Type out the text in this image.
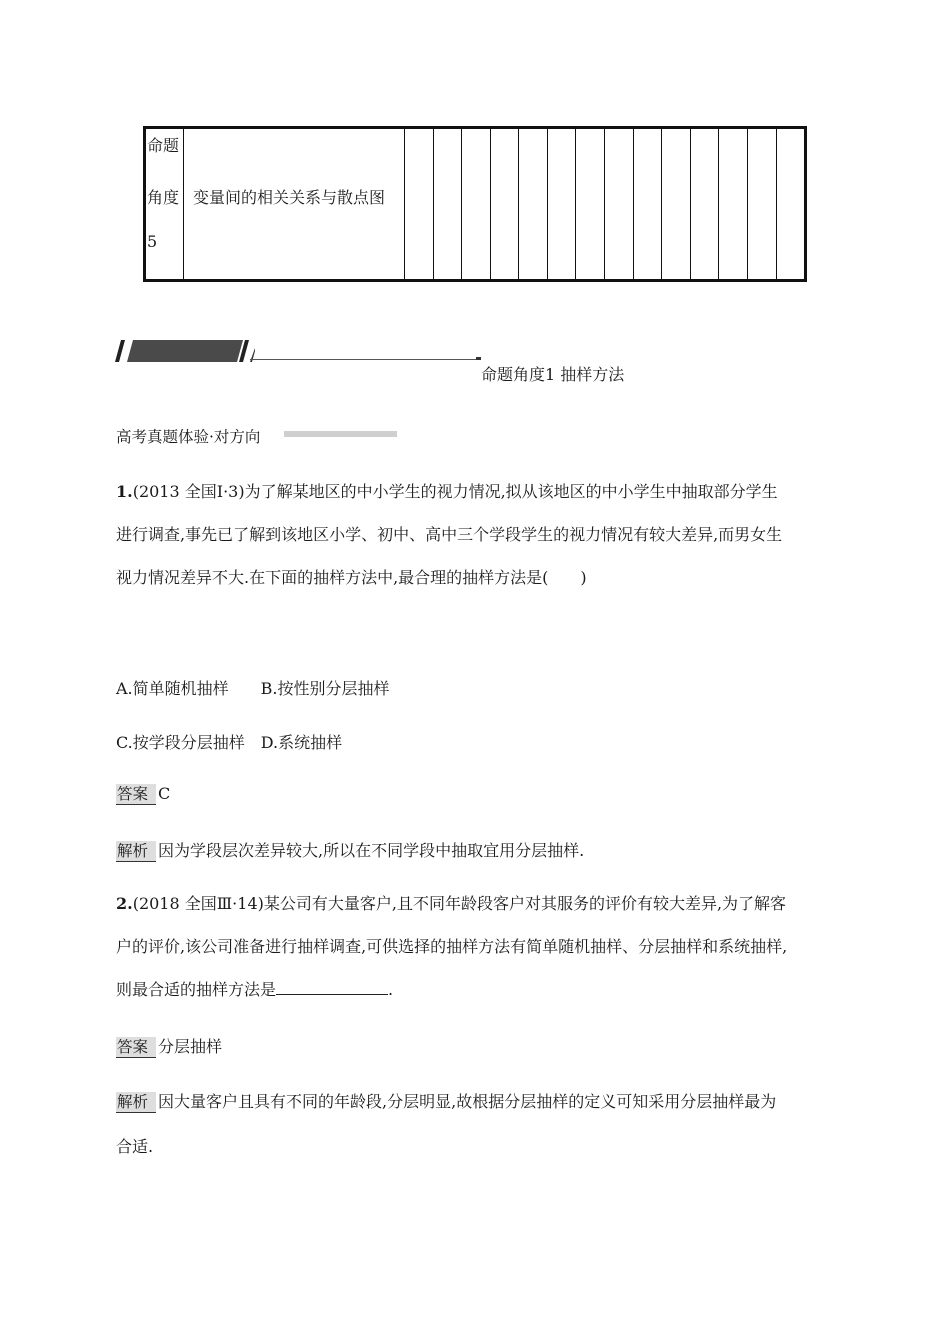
命题
角度
5
变量间的相关关系与散点图
命题角度1 抽样方法
高考真题体验·对方向
1.(2013 全国Ⅰ·3)为了解某地区的中小学生的视力情况,拟从该地区的中小学生中抽取部分学生
进行调查,事先已了解到该地区小学、初中、高中三个学段学生的视力情况有较大差异,而男女生
视力情况差异不大.在下面的抽样方法中,最合理的抽样方法是(　　)
A.简单随机抽样　　B.按性别分层抽样
C.按学段分层抽样　D.系统抽样
答案 C
解析 因为学段层次差异较大,所以在不同学段中抽取宜用分层抽样.
2.(2018 全国Ⅲ·14)某公司有大量客户,且不同年龄段客户对其服务的评价有较大差异,为了解客
户的评价,该公司准备进行抽样调查,可供选择的抽样方法有简单随机抽样、分层抽样和系统抽样,
则最合适的抽样方法是	.
答案 分层抽样
解析 因大量客户且具有不同的年龄段,分层明显,故根据分层抽样的定义可知采用分层抽样最为
合适.
